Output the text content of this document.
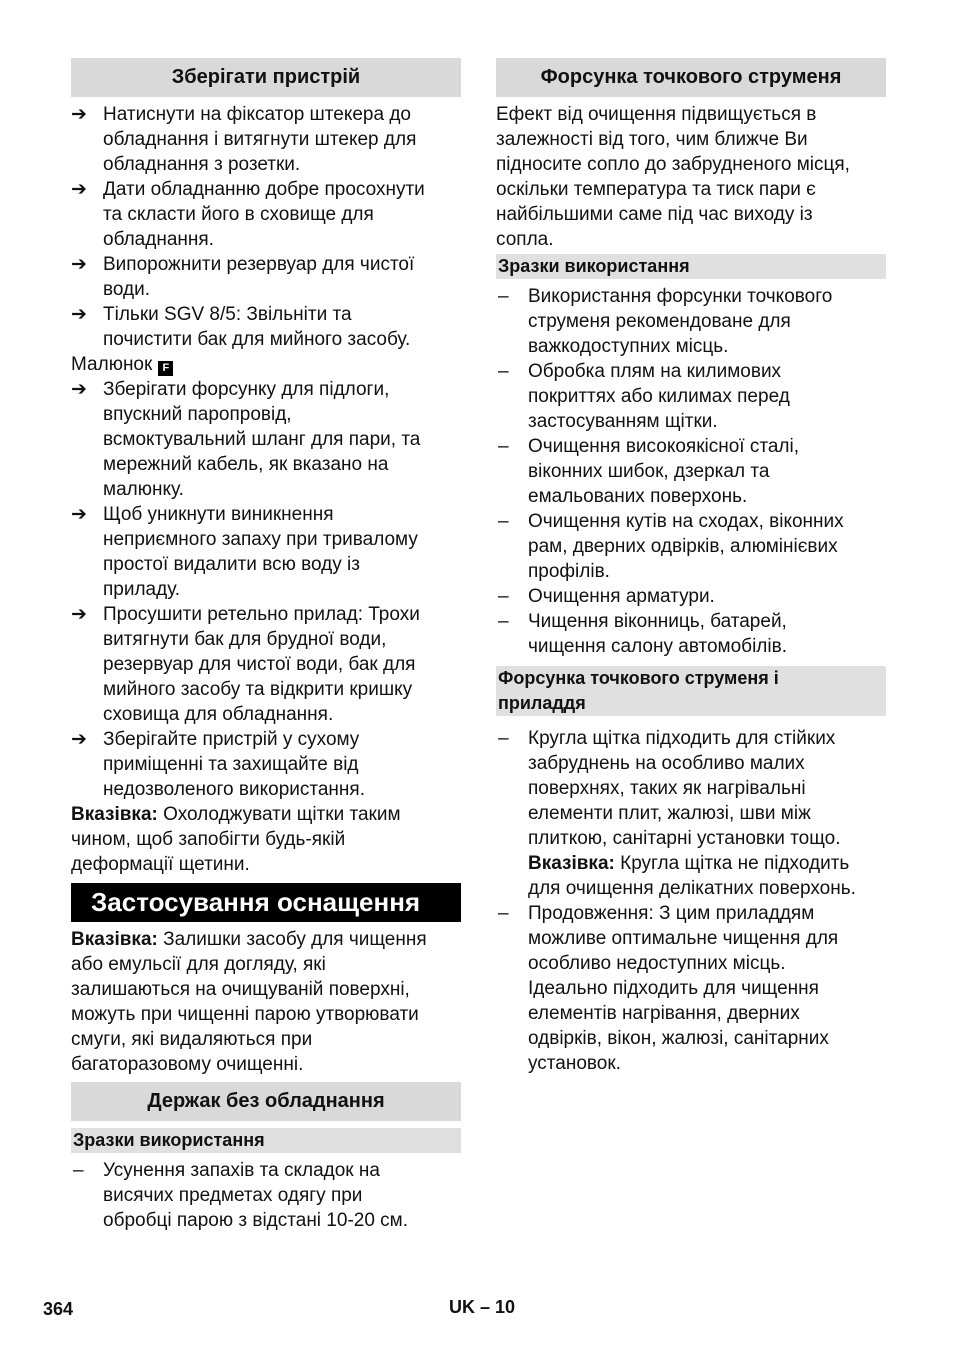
Зберігати пристрій
➔ Натиснути на фіксатор штекера до
обладнання і витягнути штекер для
обладнання з розетки.
➔ Дати обладнанню добре просохнути
та скласти його в сховище для
обладнання.
➔ Випорожнити резервуар для чистої
води.
➔ Тільки SGV 8/5: Звільніти та
почистити бак для мийного засобу.
Малюнок F
➔ Зберігати форсунку для підлоги,
впускний паропровід,
всмоктувальний шланг для пари, та
мережний кабель, як вказано на
малюнку.
➔ Щоб уникнути виникнення
неприємного запаху при тривалому
простої видалити всю воду із
приладу.
➔ Просушити ретельно прилад: Трохи
витягнути бак для брудної води,
резервуар для чистої води, бак для
мийного засобу та відкрити кришку
сховища для обладнання.
➔ Зберігайте пристрій у сухому
приміщенні та захищайте від
недозволеного використання.
Вказівка: Охолоджувати щітки таким
чином, щоб запобігти будь-якій
деформації щетини.
Застосування оснащення
Вказівка: Залишки засобу для чищення
або емульсії для догляду, які
залишаються на очищуваній поверхні,
можуть при чищенні парою утворювати
смуги, які видаляються при
багаторазовому очищенні.
Держак без обладнання
Зразки використання
–	Усунення запахів та складок на
висячих предметах одягу при
обробці парою з відстані 10-20 см.
Форсунка точкового струменя
Ефект від очищення підвищується в
залежності від того, чим ближче Ви
підносите сопло до забрудненого місця,
оскільки температура та тиск пари є
найбільшими саме під час виходу із
сопла.
Зразки використання
–	Використання форсунки точкового
струменя рекомендоване для
важкодоступних місць.
–	Обробка плям на килимових
покриттях або килимах перед
застосуванням щітки.
–	Очищення високоякісної сталі,
віконних шибок, дзеркал та
емальованих поверхонь.
–	Очищення кутів на сходах, віконних
рам, дверних одвірків, алюмінієвих
профілів.
–	Очищення арматури.
–	Чищення віконниць, батарей,
чищення салону автомобілів.
Форсунка точкового струменя і
приладдя
–	Кругла щітка підходить для стійких
забруднень на особливо малих
поверхнях, таких як нагрівальні
елементи плит, жалюзі, шви між
плиткою, санітарні установки тощо.
Вказівка: Кругла щітка не підходить
для очищення делікатних поверхонь.
–	Продовження: З цим приладдям
можливе оптимальне чищення для
особливо недоступних місць.
Ідеально підходить для чищення
елементів нагрівання, дверних
одвірків, вікон, жалюзі, санітарних
установок.
364	UK – 10
